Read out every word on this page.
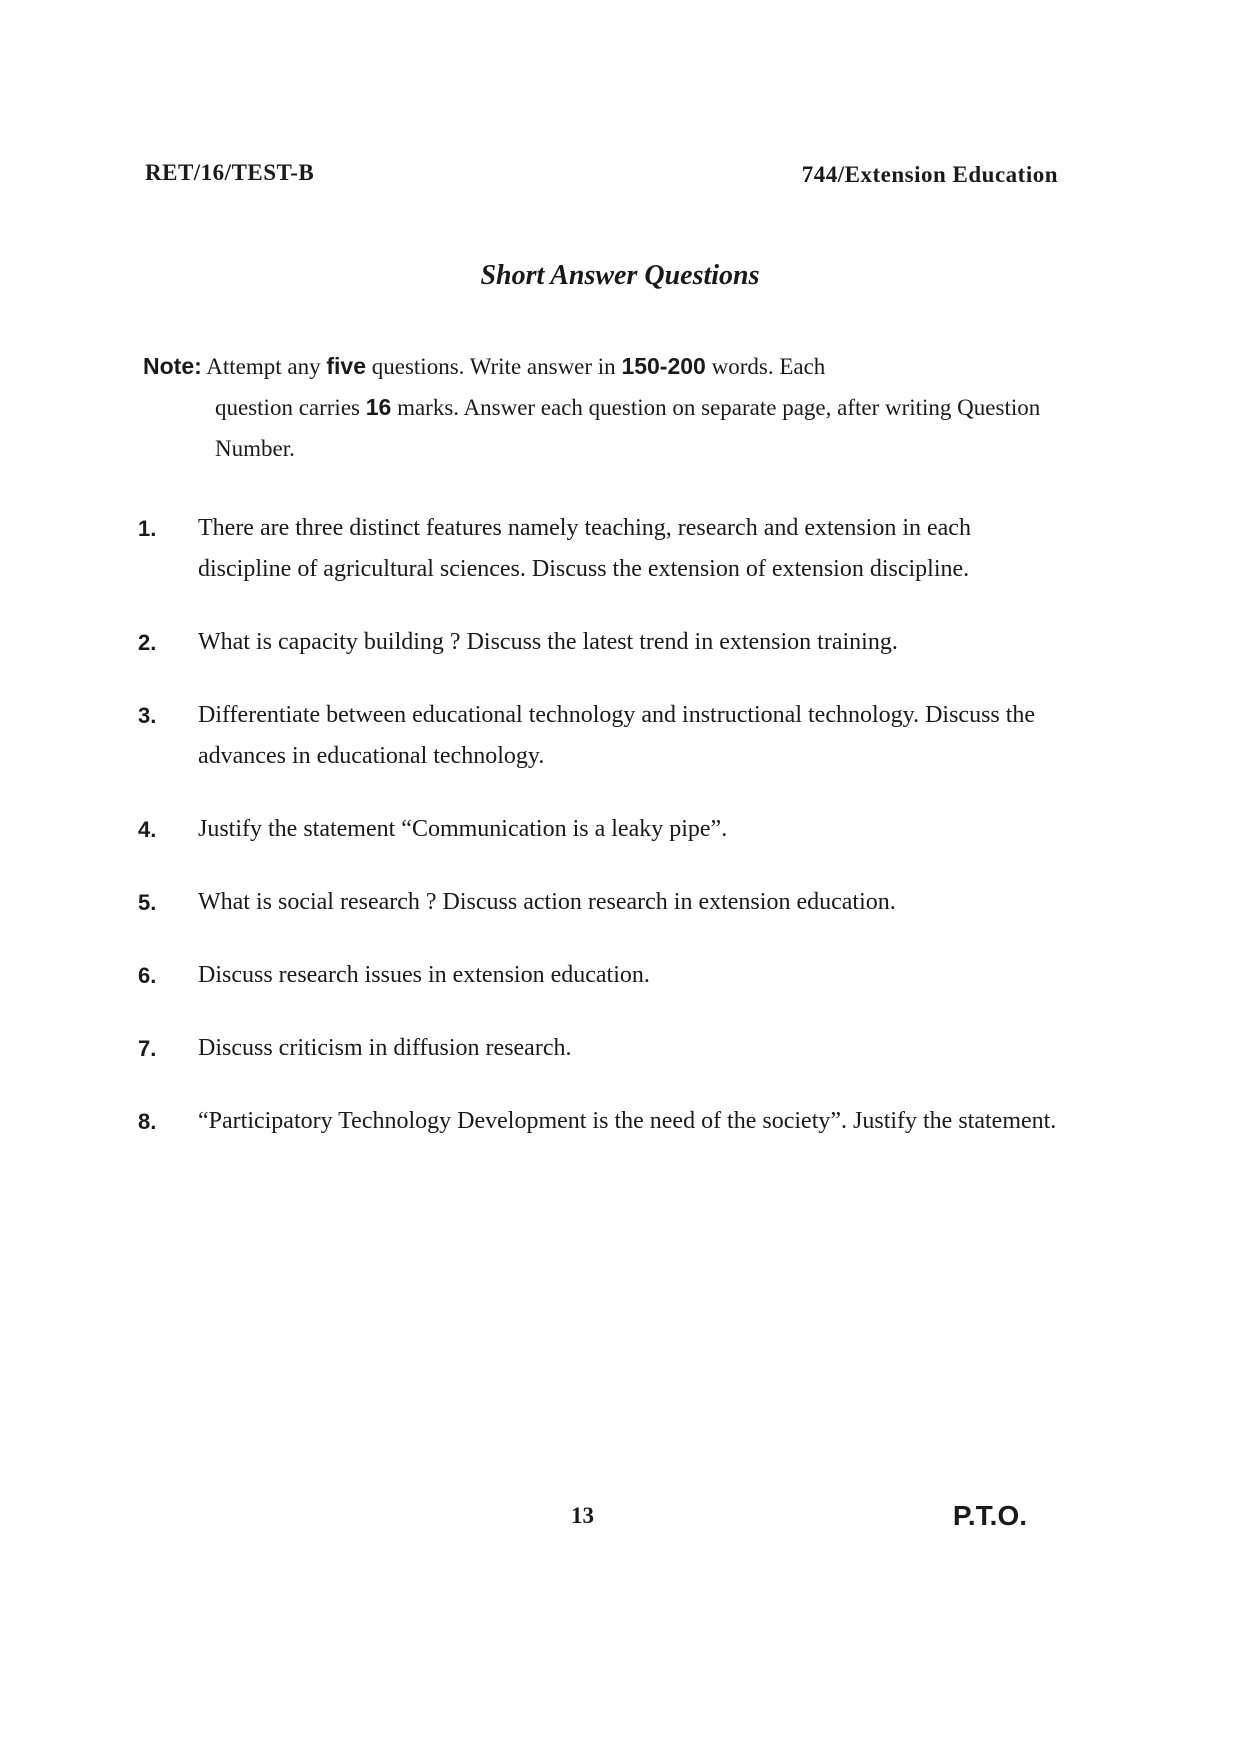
RET/16/TEST-B	744/Extension Education
Short Answer Questions
Note: Attempt any five questions. Write answer in 150-200 words. Each
question carries 16 marks. Answer each question on separate page, after writing Question Number.
1. There are three distinct features namely teaching, research and extension in each discipline of agricultural sciences. Discuss the extension of extension discipline.
2. What is capacity building ? Discuss the latest trend in extension training.
3. Differentiate between educational technology and instructional technology. Discuss the advances in educational technology.
4. Justify the statement “Communication is a leaky pipe”.
5. What is social research ? Discuss action research in extension education.
6. Discuss research issues in extension education.
7. Discuss criticism in diffusion research.
8. “Participatory Technology Development is the need of the society”. Justify the statement.
13	P.T.O.
